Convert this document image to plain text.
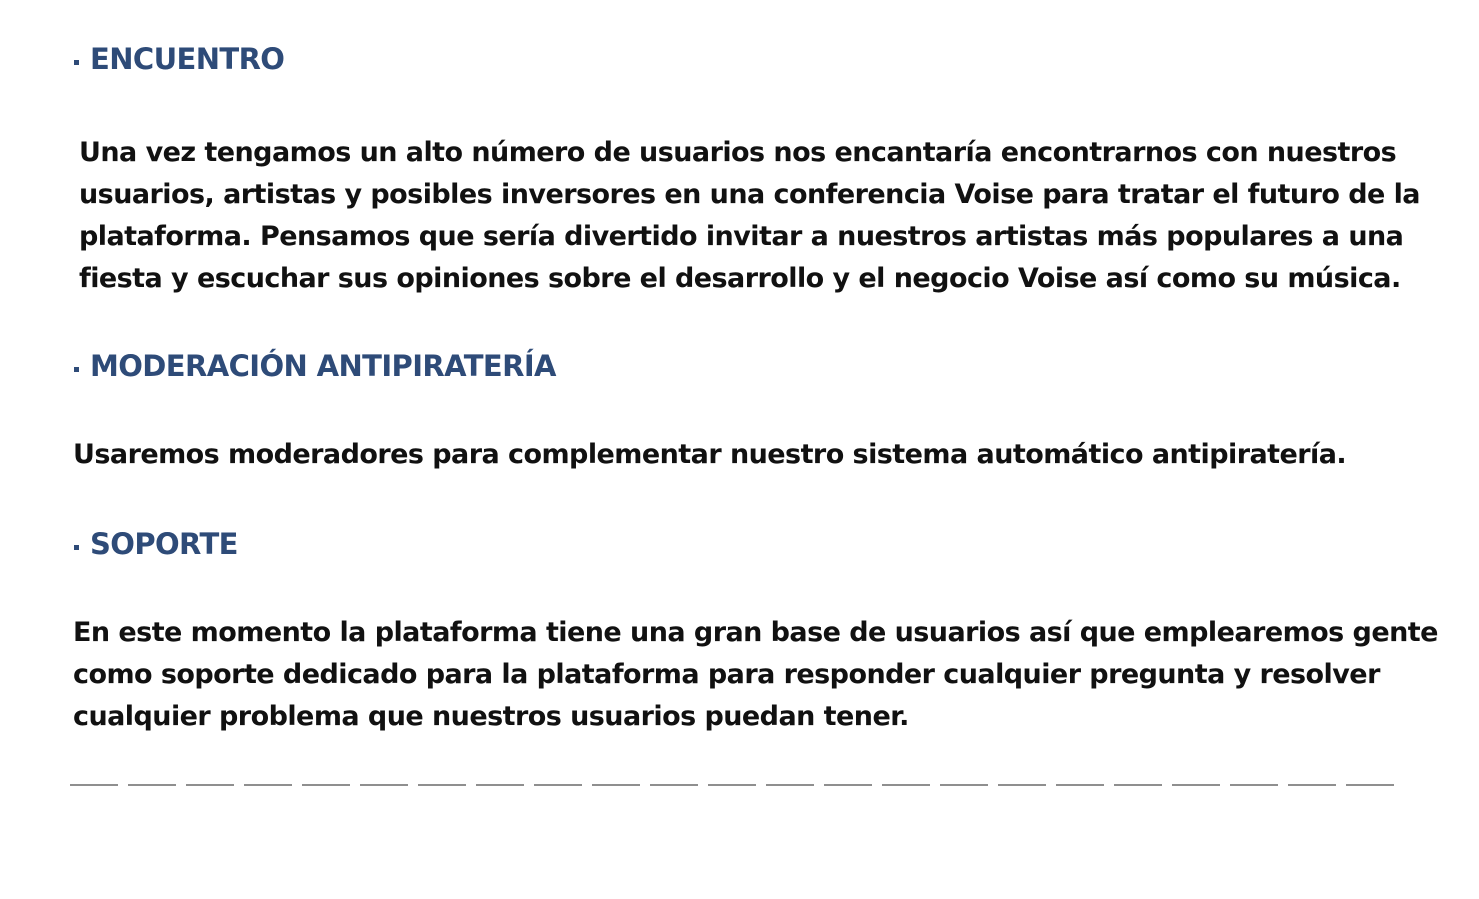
ENCUENTRO

Una vez tengamos un alto número de usuarios nos encantaría encontrarnos con nuestros
usuarios, artistas y posibles inversores en una conferencia Voise para tratar el futuro de la
plataforma. Pensamos que sería divertido invitar a nuestros artistas más populares a una
fiesta y escuchar sus opiniones sobre el desarrollo y el negocio Voise así como su música.

MODERACIÓN ANTIPIRATERÍA

Usaremos moderadores para complementar nuestro sistema automático antipiratería.

SOPORTE

En este momento la plataforma tiene una gran base de usuarios así que emplearemos gente
como soporte dedicado para la plataforma para responder cualquier pregunta y resolver
cualquier problema que nuestros usuarios puedan tener.
